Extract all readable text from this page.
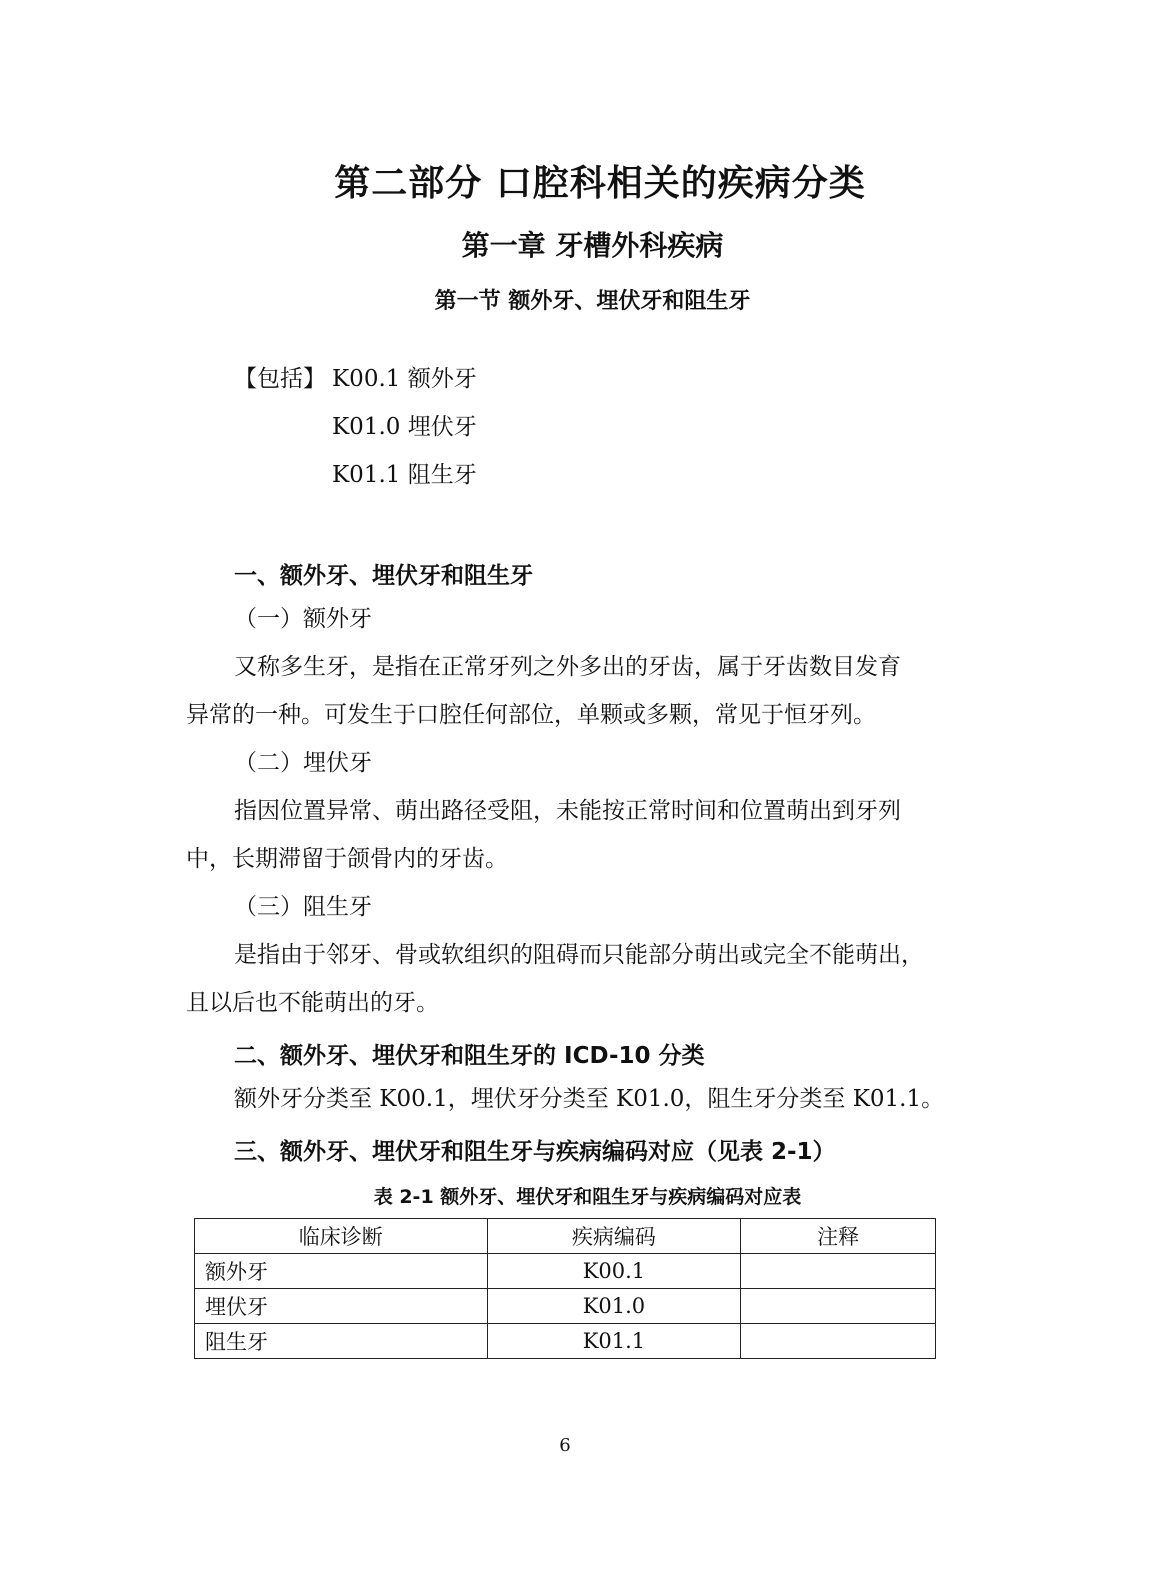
第二部分 口腔科相关的疾病分类
第一章 牙槽外科疾病
第一节 额外牙、埋伏牙和阻生牙
【包括】 K00.1 额外牙
K01.0 埋伏牙
K01.1 阻生牙
一、额外牙、埋伏牙和阻生牙
（一）额外牙
又称多生牙，是指在正常牙列之外多出的牙齿，属于牙齿数目发育
异常的一种。可发生于口腔任何部位，单颗或多颗，常见于恒牙列。
（二）埋伏牙
指因位置异常、萌出路径受阻，未能按正常时间和位置萌出到牙列
中，长期滞留于颌骨内的牙齿。
（三）阻生牙
是指由于邻牙、骨或软组织的阻碍而只能部分萌出或完全不能萌出，
且以后也不能萌出的牙。
二、额外牙、埋伏牙和阻生牙的 ICD-10 分类
额外牙分类至 K00.1，埋伏牙分类至 K01.0，阻生牙分类至 K01.1。
三、额外牙、埋伏牙和阻生牙与疾病编码对应（见表 2-1）
表 2-1 额外牙、埋伏牙和阻生牙与疾病编码对应表
临床诊断	疾病编码	注释
额外牙	K00.1	
埋伏牙	K01.0	
阻生牙	K01.1	
6
